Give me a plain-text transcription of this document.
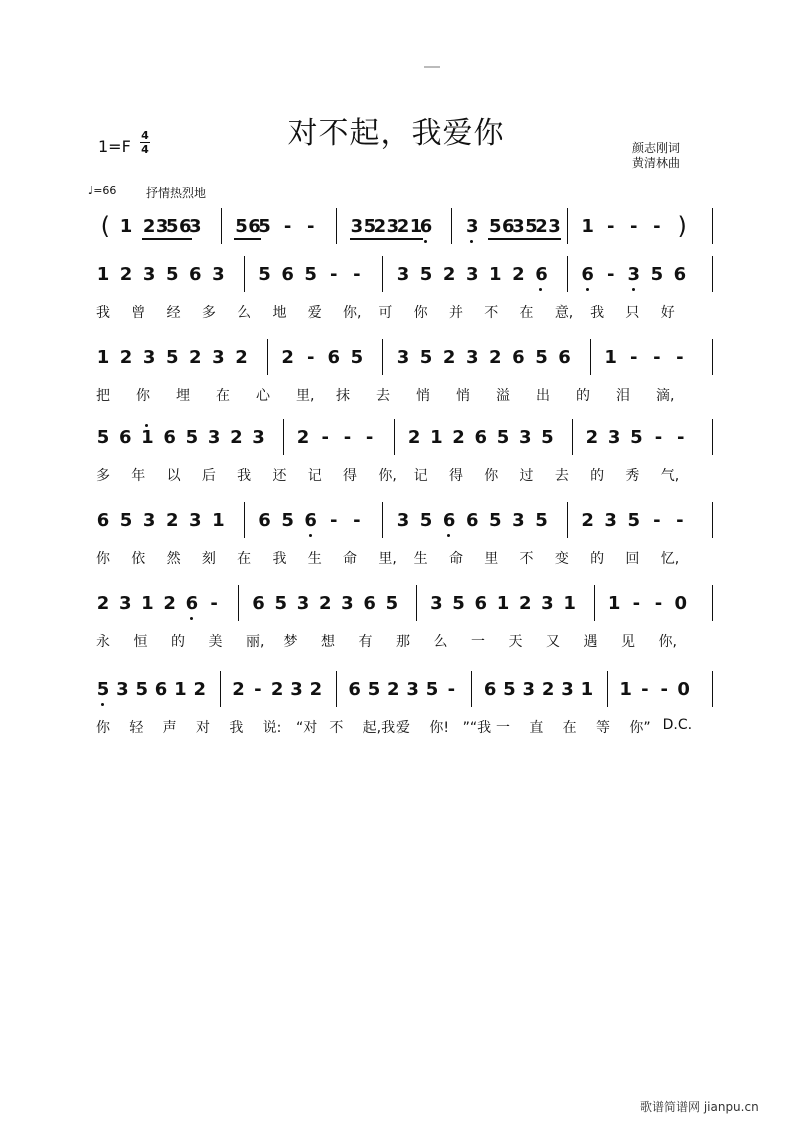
对不起，我爱你
1=F
4
4	颜志刚词
黄清林曲
♩=66 抒情热烈地
( 1 2 3
5 6
3 5 6
5 - - 3 5
2 3
2 1
6 3 5 6
3 5
2 3 1 - - - )
1 2 3 5 6 3 5 6 5 - - 3 5 2 3 1 2 6 6 - 3 5 6
我 曾 经 多 么 地 爱 你, 可 你 并 不 在 意, 我 只 好
1 2 3 5 2 3 2 2 - 6 5 3 5 2 3 2 6 5 6 1 - - -
把 你 埋 在 心 里, 抹 去 悄 悄 溢 出 的 泪 滴,
5 6 1 6 5 3 2 3 2 - - - 2 1 2 6 5 3 5 2 3 5 - -
多 年 以 后 我 还 记 得 你, 记 得 你 过 去 的 秀 气,
6 5 3 2 3 1 6 5 6 - - 3 5 6 6 5 3 5 2 3 5 - -
你 依 然 刻 在 我 生 命 里, 生 命 里 不 变 的 回 忆,
2 3 1 2 6 - 6 5 3 2 3 6 5 3 5 6 1 2 3 1 1 - - 0
永 恒 的 美 丽, 梦 想 有 那 么 一 天 又 遇 见 你,
5 3 5 6 1 2 2 - 2 3 2 6 5 2 3 5 - 6 5 3 2 3 1 1 - - 0
你 轻 声 对 我 说: “对 不 起,我 爱 你! ”“我 一 直 在 等 你” D.C.
歌谱简谱网 jianpu.cn
